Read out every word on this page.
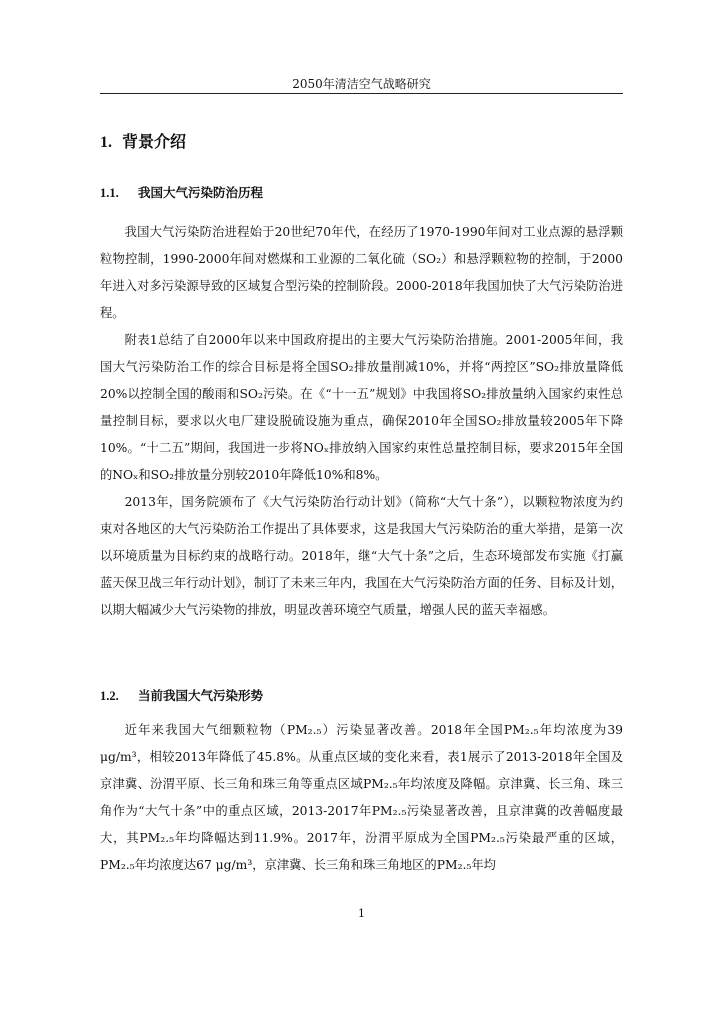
2050年清洁空气战略研究
1. 背景介绍
1.1. 我国大气污染防治历程

我国大气污染防治进程始于20世纪70年代，在经历了1970-1990年间对工业点源的悬浮颗粒物控制，1990-2000年间对燃煤和工业源的二氧化硫（SO₂）和悬浮颗粒物的控制，于2000年进入对多污染源导致的区域复合型污染的控制阶段。2000-2018年我国加快了大气污染防治进程。

附表1总结了自2000年以来中国政府提出的主要大气污染防治措施。2001-2005年间，我国大气污染防治工作的综合目标是将全国SO₂排放量削减10%，并将“两控区”SO₂排放量降低20%以控制全国的酸雨和SO₂污染。在《“十一五”规划》中我国将SO₂排放量纳入国家约束性总量控制目标，要求以火电厂建设脱硫设施为重点，确保2010年全国SO₂排放量较2005年下降10%。“十二五”期间，我国进一步将NOₓ排放纳入国家约束性总量控制目标，要求2015年全国的NOₓ和SO₂排放量分别较2010年降低10%和8%。

2013年，国务院颁布了《大气污染防治行动计划》（简称“大气十条”），以颗粒物浓度为约束对各地区的大气污染防治工作提出了具体要求，这是我国大气污染防治的重大举措，是第一次以环境质量为目标约束的战略行动。2018年，继“大气十条”之后，生态环境部发布实施《打赢蓝天保卫战三年行动计划》，制订了未来三年内，我国在大气污染防治方面的任务、目标及计划，以期大幅减少大气污染物的排放，明显改善环境空气质量，增强人民的蓝天幸福感。

1.2. 当前我国大气污染形势

近年来我国大气细颗粒物（PM₂.₅）污染显著改善。2018年全国PM₂.₅年均浓度为39 μg/m³，相较2013年降低了45.8%。从重点区域的变化来看，表1展示了2013-2018年全国及京津冀、汾渭平原、长三角和珠三角等重点区域PM₂.₅年均浓度及降幅。京津冀、长三角、珠三角作为“大气十条”中的重点区域，2013-2017年PM₂.₅污染显著改善，且京津冀的改善幅度最大，其PM₂.₅年均降幅达到11.9%。2017年，汾渭平原成为全国PM₂.₅污染最严重的区域，PM₂.₅年均浓度达67 μg/m³，京津冀、长三角和珠三角地区的PM₂.₅年均

1
